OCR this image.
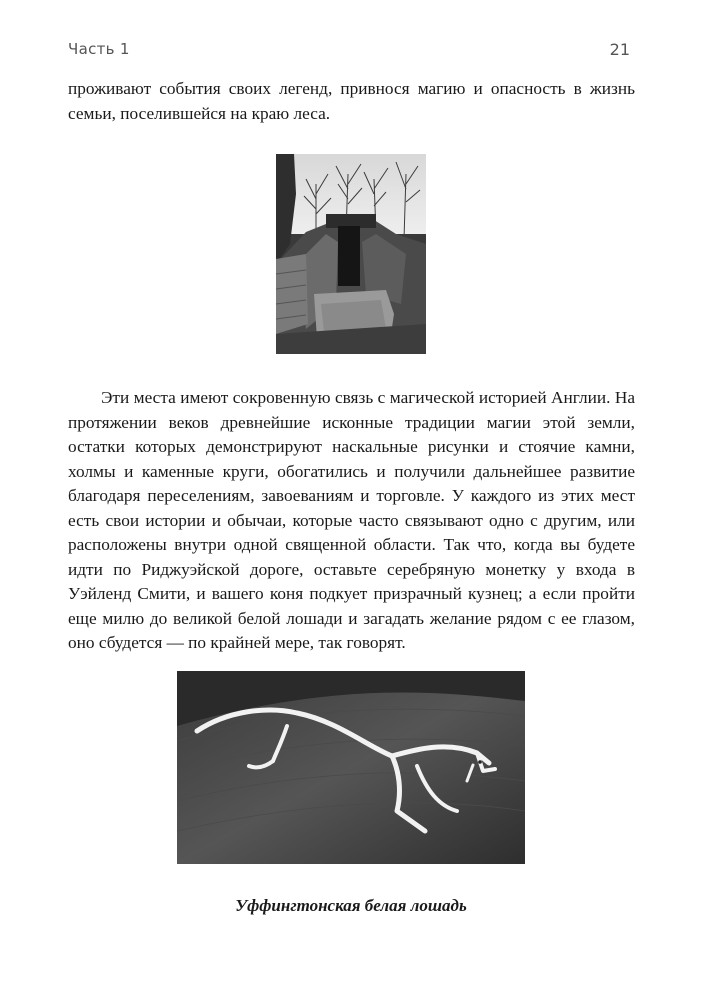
Часть 1	21

проживают события своих легенд, привнося магию и опасность в жизнь семьи, поселившейся на краю леса.

Эти места имеют сокровенную связь с магической историей Англии. На протяжении веков древнейшие исконные традиции магии этой земли, остатки которых демонстрируют наскальные рисунки и стоячие камни, холмы и каменные круги, обогатились и получили дальнейшее развитие благодаря переселениям, завоеваниям и торговле. У каждого из этих мест есть свои истории и обычаи, которые часто связывают одно с другим, или расположены внутри одной священной области. Так что, когда вы будете идти по Риджуэйской дороге, оставьте серебряную монетку у входа в Уэйленд Смити, и вашего коня подкует призрачный кузнец; а если пройти еще милю до великой белой лошади и загадать желание рядом с ее глазом, оно сбудется — по крайней мере, так говорят.

Уффингтонская белая лошадь
